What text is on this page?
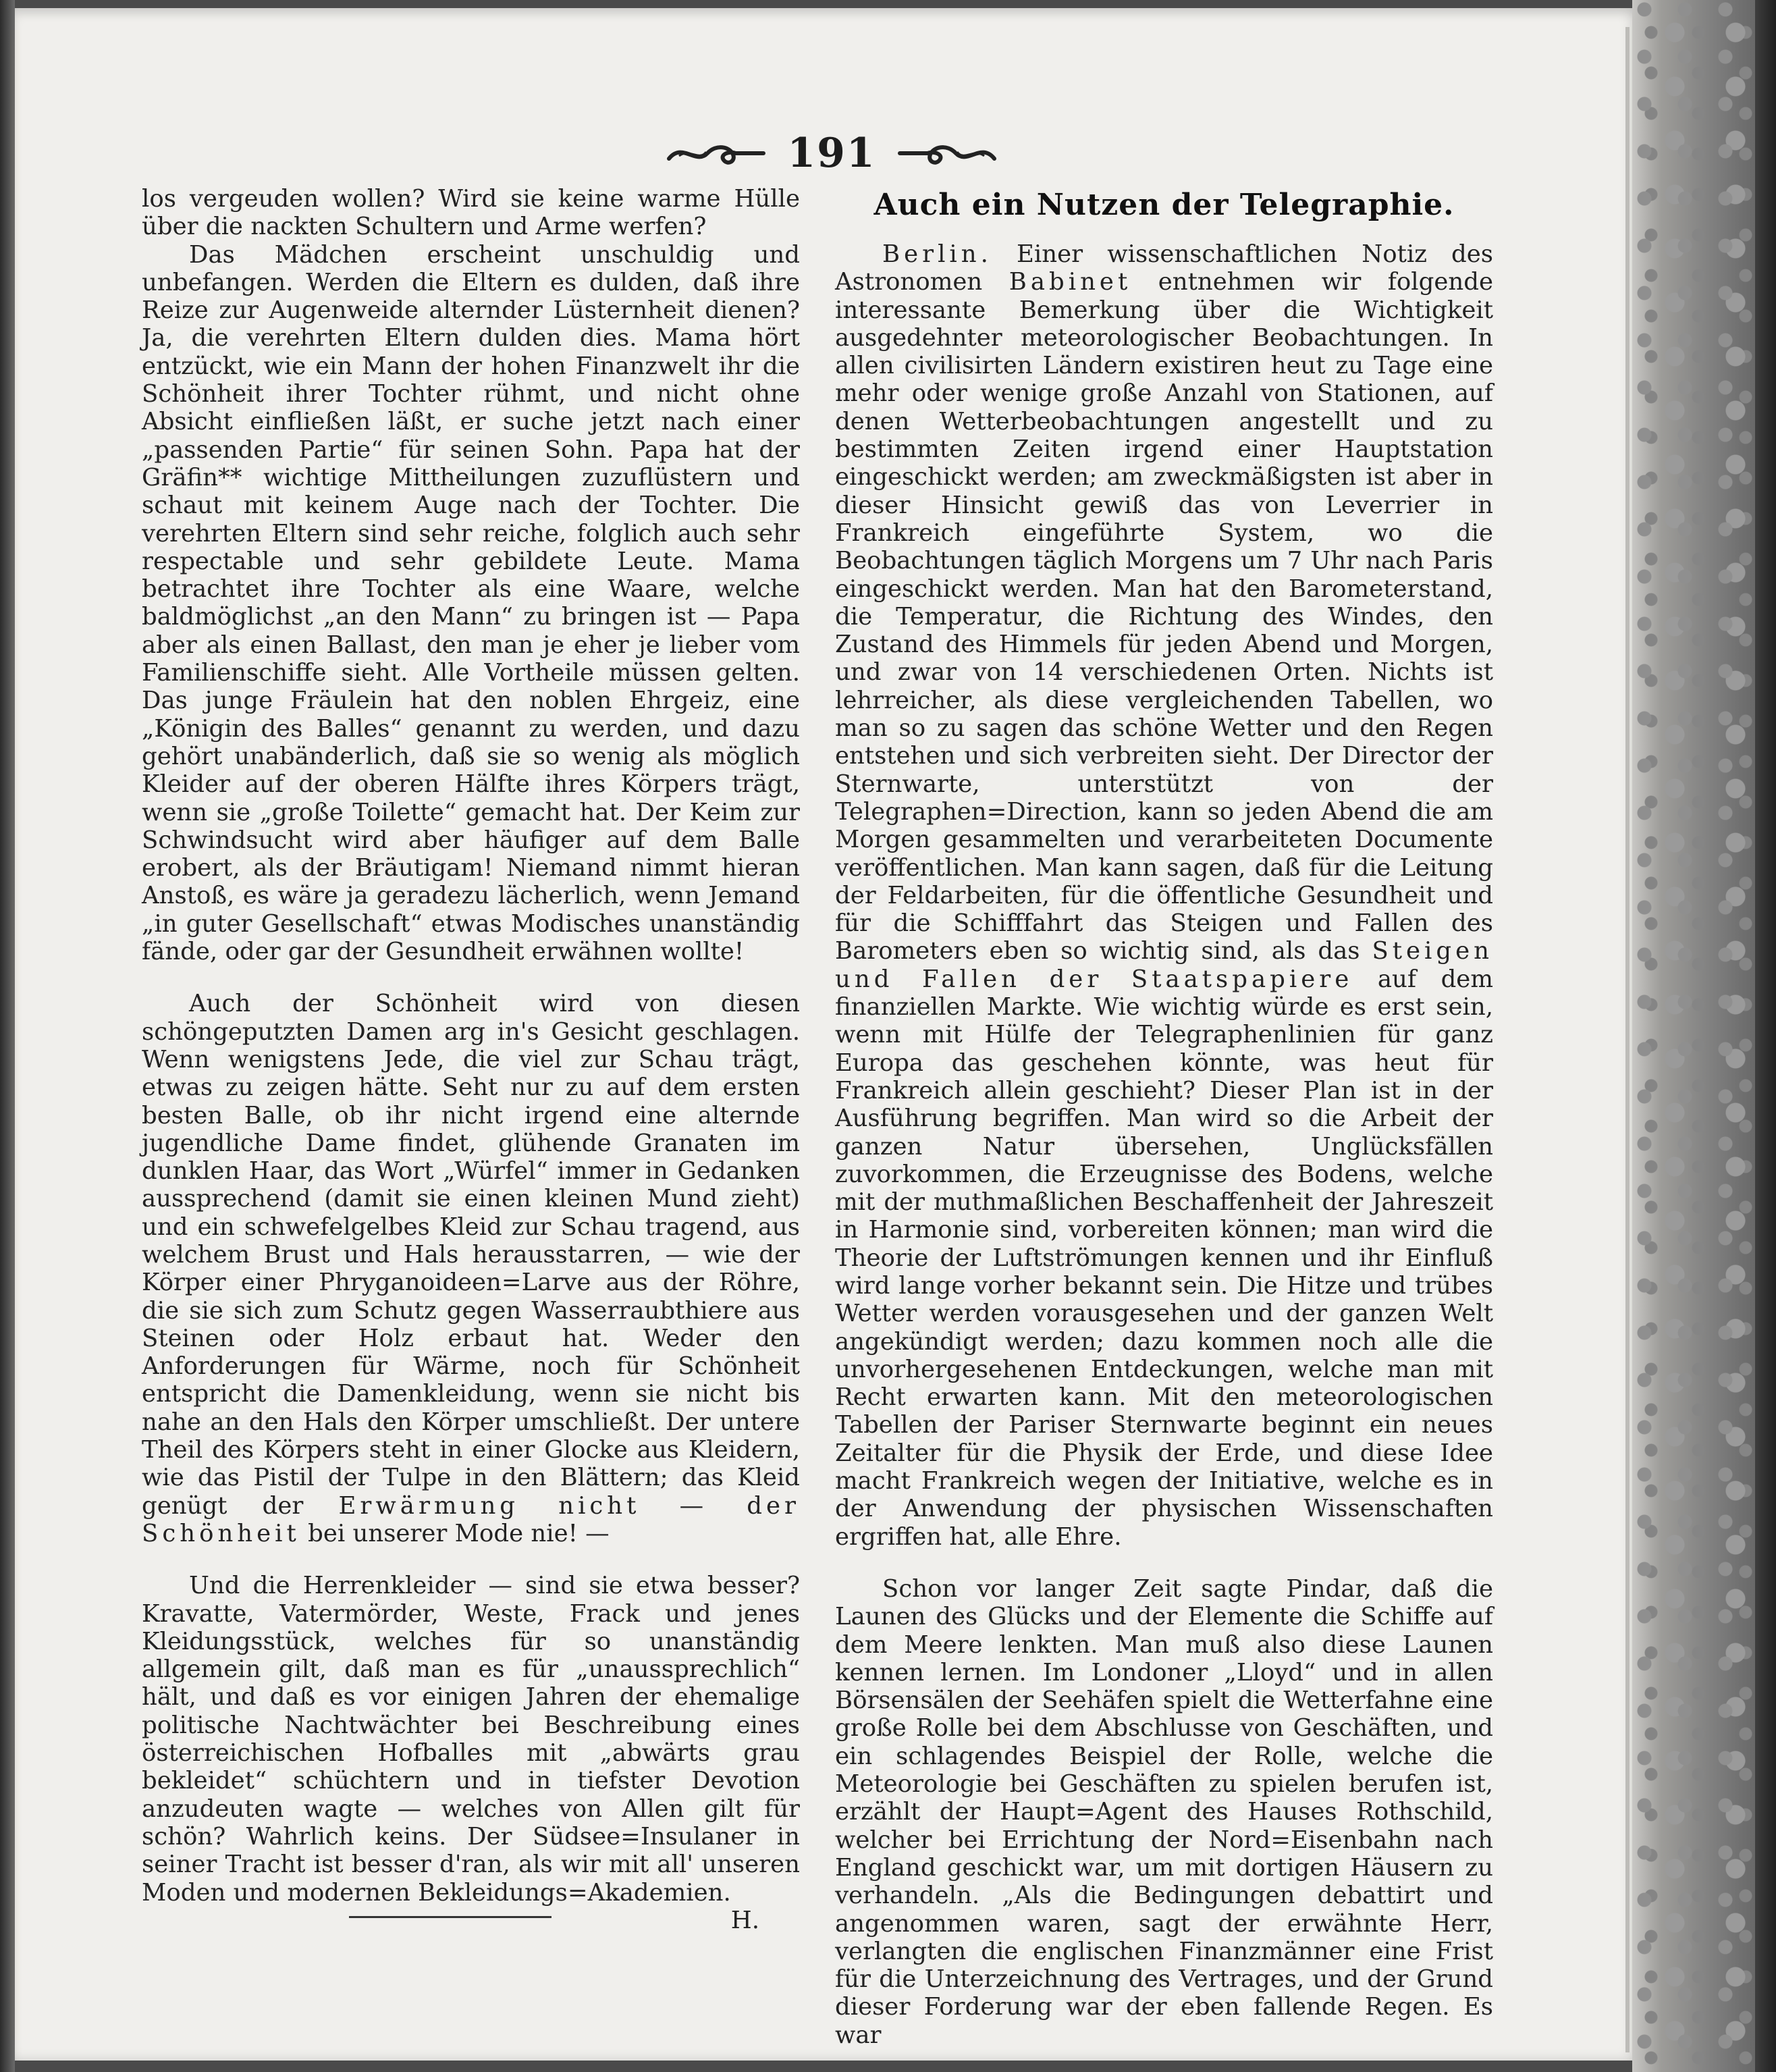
191

los vergeuden wollen? Wird sie keine warme Hülle über die nackten Schultern und Arme werfen?

Das Mädchen erscheint unschuldig und unbefangen. Werden die Eltern es dulden, daß ihre Reize zur Augenweide alternder Lüsternheit dienen? Ja, die verehrten Eltern dulden dies. Mama hört entzückt, wie ein Mann der hohen Finanzwelt ihr die Schönheit ihrer Tochter rühmt, und nicht ohne Absicht einfließen läßt, er suche jetzt nach einer „passenden Partie“ für seinen Sohn. Papa hat der Gräfin** wichtige Mittheilungen zuzuflüstern und schaut mit keinem Auge nach der Tochter. Die verehrten Eltern sind sehr reiche, folglich auch sehr respectable und sehr gebildete Leute. Mama betrachtet ihre Tochter als eine Waare, welche baldmöglichst „an den Mann“ zu bringen ist — Papa aber als einen Ballast, den man je eher je lieber vom Familienschiffe sieht. Alle Vortheile müssen gelten. Das junge Fräulein hat den noblen Ehrgeiz, eine „Königin des Balles“ genannt zu werden, und dazu gehört unabänderlich, daß sie so wenig als möglich Kleider auf der oberen Hälfte ihres Körpers trägt, wenn sie „große Toilette“ gemacht hat. Der Keim zur Schwindsucht wird aber häufiger auf dem Balle erobert, als der Bräutigam! Niemand nimmt hieran Anstoß, es wäre ja geradezu lächerlich, wenn Jemand „in guter Gesellschaft“ etwas Modisches unanständig fände, oder gar der Gesundheit erwähnen wollte!

Auch der Schönheit wird von diesen schöngeputzten Damen arg in's Gesicht geschlagen. Wenn wenigstens Jede, die viel zur Schau trägt, etwas zu zeigen hätte. Seht nur zu auf dem ersten besten Balle, ob ihr nicht irgend eine alternde jugendliche Dame findet, glühende Granaten im dunklen Haar, das Wort „Würfel“ immer in Gedanken aussprechend (damit sie einen kleinen Mund zieht) und ein schwefelgelbes Kleid zur Schau tragend, aus welchem Brust und Hals herausstarren, — wie der Körper einer Phryganoideen=Larve aus der Röhre, die sie sich zum Schutz gegen Wasserraubthiere aus Steinen oder Holz erbaut hat. Weder den Anforderungen für Wärme, noch für Schönheit entspricht die Damenkleidung, wenn sie nicht bis nahe an den Hals den Körper umschließt. Der untere Theil des Körpers steht in einer Glocke aus Kleidern, wie das Pistil der Tulpe in den Blättern; das Kleid genügt der Erwärmung nicht — der Schönheit bei unserer Mode nie! —

Und die Herrenkleider — sind sie etwa besser? Kravatte, Vatermörder, Weste, Frack und jenes Kleidungsstück, welches für so unanständig allgemein gilt, daß man es für „unaussprechlich“ hält, und daß es vor einigen Jahren der ehemalige politische Nachtwächter bei Beschreibung eines österreichischen Hofballes mit „abwärts grau bekleidet“ schüchtern und in tiefster Devotion anzudeuten wagte — welches von Allen gilt für schön? Wahrlich keins. Der Südsee=Insulaner in seiner Tracht ist besser d'ran, als wir mit all' unseren Moden und modernen Bekleidungs=Akademien.
H.

Auch ein Nutzen der Telegraphie.

Berlin. Einer wissenschaftlichen Notiz des Astronomen Babinet entnehmen wir folgende interessante Bemerkung über die Wichtigkeit ausgedehnter meteorologischer Beobachtungen. In allen civilisirten Ländern existiren heut zu Tage eine mehr oder wenige große Anzahl von Stationen, auf denen Wetterbeobachtungen angestellt und zu bestimmten Zeiten irgend einer Hauptstation eingeschickt werden; am zweckmäßigsten ist aber in dieser Hinsicht gewiß das von Leverrier in Frankreich eingeführte System, wo die Beobachtungen täglich Morgens um 7 Uhr nach Paris eingeschickt werden. Man hat den Barometerstand, die Temperatur, die Richtung des Windes, den Zustand des Himmels für jeden Abend und Morgen, und zwar von 14 verschiedenen Orten. Nichts ist lehrreicher, als diese vergleichenden Tabellen, wo man so zu sagen das schöne Wetter und den Regen entstehen und sich verbreiten sieht. Der Director der Sternwarte, unterstützt von der Telegraphen=Direction, kann so jeden Abend die am Morgen gesammelten und verarbeiteten Documente veröffentlichen. Man kann sagen, daß für die Leitung der Feldarbeiten, für die öffentliche Gesundheit und für die Schifffahrt das Steigen und Fallen des Barometers eben so wichtig sind, als das Steigen und Fallen der Staatspapiere auf dem finanziellen Markte. Wie wichtig würde es erst sein, wenn mit Hülfe der Telegraphenlinien für ganz Europa das geschehen könnte, was heut für Frankreich allein geschieht? Dieser Plan ist in der Ausführung begriffen. Man wird so die Arbeit der ganzen Natur übersehen, Unglücksfällen zuvorkommen, die Erzeugnisse des Bodens, welche mit der muthmaßlichen Beschaffenheit der Jahreszeit in Harmonie sind, vorbereiten können; man wird die Theorie der Luftströmungen kennen und ihr Einfluß wird lange vorher bekannt sein. Die Hitze und trübes Wetter werden vorausgesehen und der ganzen Welt angekündigt werden; dazu kommen noch alle die unvorhergesehenen Entdeckungen, welche man mit Recht erwarten kann. Mit den meteorologischen Tabellen der Pariser Sternwarte beginnt ein neues Zeitalter für die Physik der Erde, und diese Idee macht Frankreich wegen der Initiative, welche es in der Anwendung der physischen Wissenschaften ergriffen hat, alle Ehre.

Schon vor langer Zeit sagte Pindar, daß die Launen des Glücks und der Elemente die Schiffe auf dem Meere lenkten. Man muß also diese Launen kennen lernen. Im Londoner „Lloyd“ und in allen Börsensälen der Seehäfen spielt die Wetterfahne eine große Rolle bei dem Abschlusse von Geschäften, und ein schlagendes Beispiel der Rolle, welche die Meteorologie bei Geschäften zu spielen berufen ist, erzählt der Haupt=Agent des Hauses Rothschild, welcher bei Errichtung der Nord=Eisenbahn nach England geschickt war, um mit dortigen Häusern zu verhandeln. „Als die Bedingungen debattirt und angenommen waren, sagt der erwähnte Herr, verlangten die englischen Finanzmänner eine Frist für die Unterzeichnung des Vertrages, und der Grund dieser Forderung war der eben fallende Regen. Es war
